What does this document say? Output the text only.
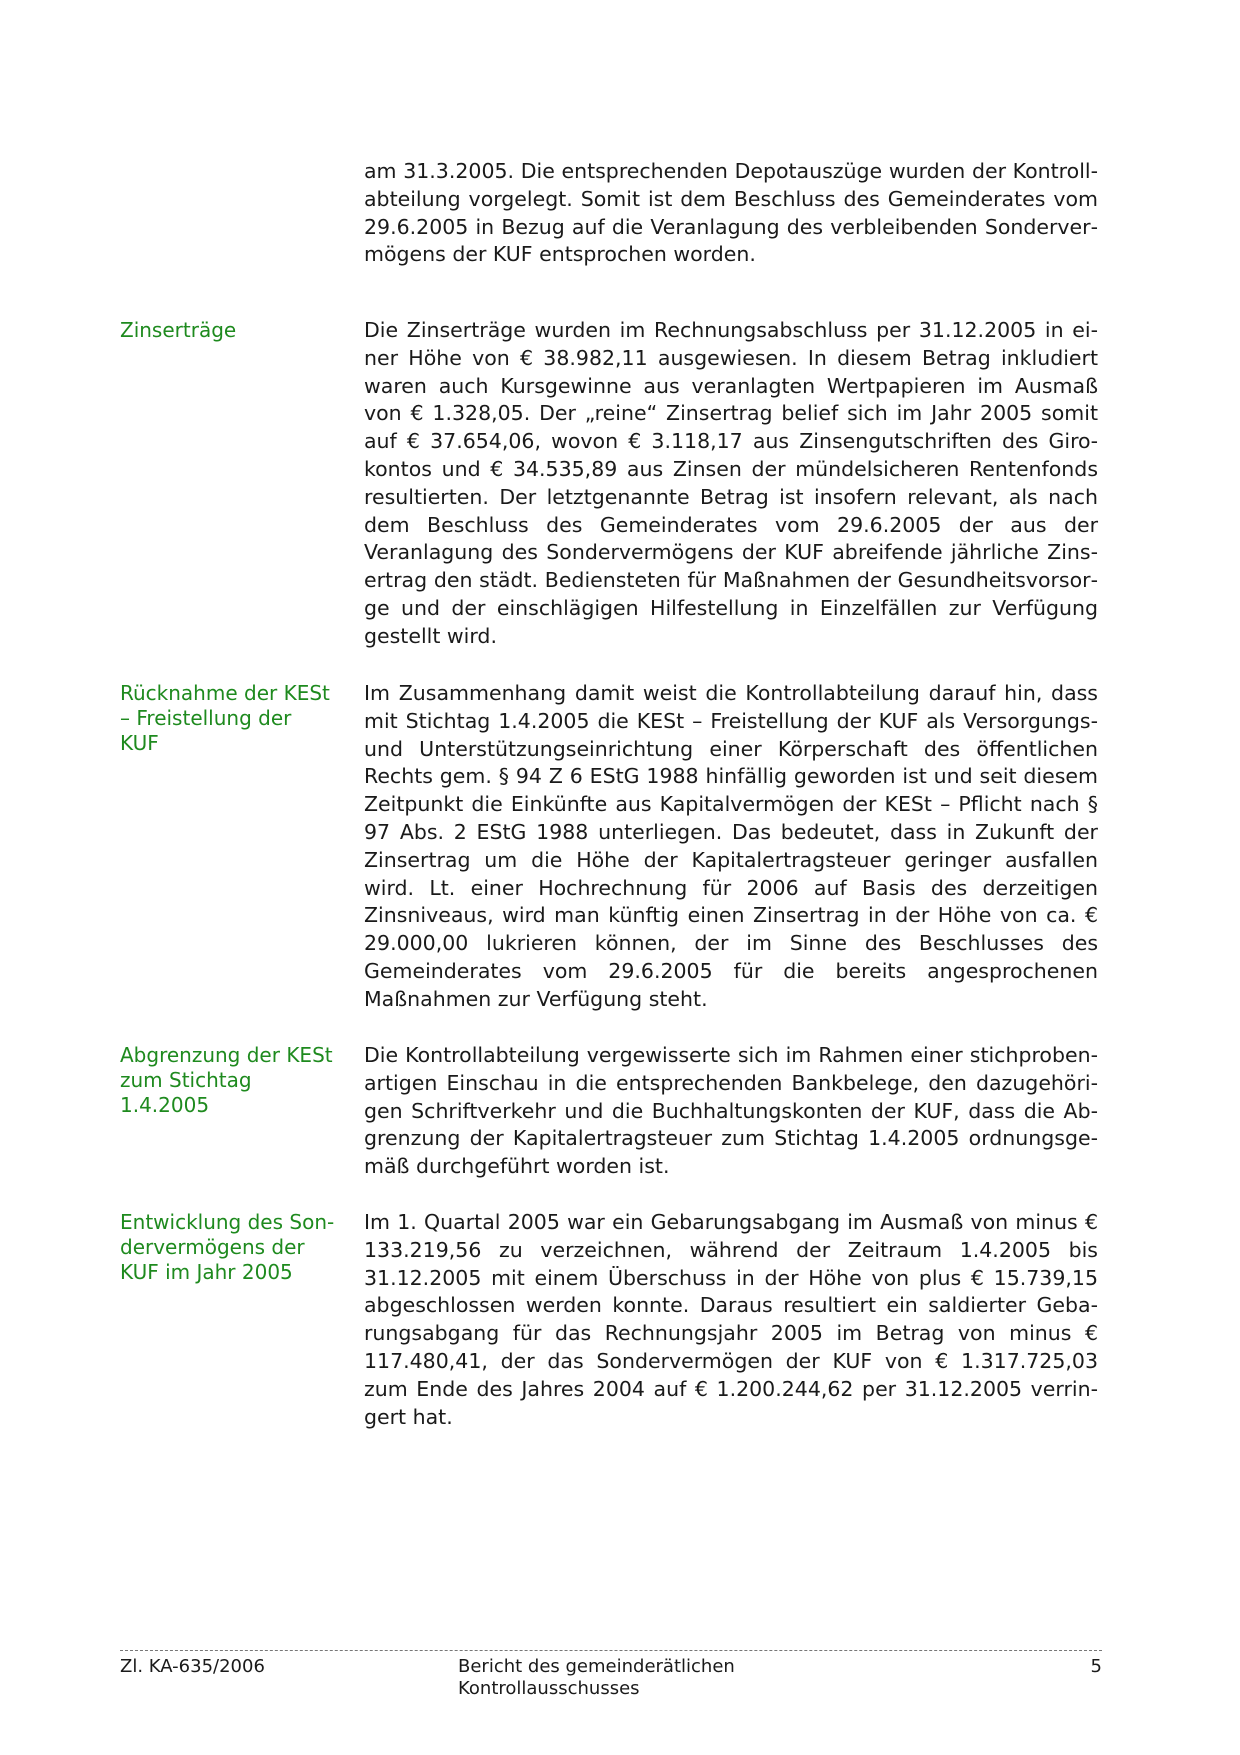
am 31.3.2005. Die entsprechenden Depotauszüge wurden der Kontrollabteilung vorgelegt. Somit ist dem Beschluss des Gemeinderates vom 29.6.2005 in Bezug auf die Veranlagung des verbleibenden Sondervermögens der KUF entsprochen worden.
Zinserträge	Die Zinserträge wurden im Rechnungsabschluss per 31.12.2005 in einer Höhe von € 38.982,11 ausgewiesen. In diesem Betrag inkludiert waren auch Kursgewinne aus veranlagten Wertpapieren im Ausmaß von € 1.328,05. Der „reine“ Zinsertrag belief sich im Jahr 2005 somit auf € 37.654,06, wovon € 3.118,17 aus Zinsengutschriften des Girokontos und € 34.535,89 aus Zinsen der mündelsicheren Rentenfonds resultierten. Der letztgenannte Betrag ist insofern relevant, als nach dem Beschluss des Gemeinderates vom 29.6.2005 der aus der Veranlagung des Sondervermögens der KUF abreifende jährliche Zinsertrag den städt. Bediensteten für Maßnahmen der Gesundheitsvorsorge und der einschlägigen Hilfestellung in Einzelfällen zur Verfügung gestellt wird.
Rücknahme der KESt – Freistellung der KUF
Im Zusammenhang damit weist die Kontrollabteilung darauf hin, dass mit Stichtag 1.4.2005 die KESt – Freistellung der KUF als Versorgungs- und Unterstützungseinrichtung einer Körperschaft des öffentlichen Rechts gem. § 94 Z 6 EStG 1988 hinfällig geworden ist und seit diesem Zeitpunkt die Einkünfte aus Kapitalvermögen der KESt – Pflicht nach § 97 Abs. 2 EStG 1988 unterliegen. Das bedeutet, dass in Zukunft der Zinsertrag um die Höhe der Kapitalertragsteuer geringer ausfallen wird. Lt. einer Hochrechnung für 2006 auf Basis des derzeitigen Zinsniveaus, wird man künftig einen Zinsertrag in der Höhe von ca. € 29.000,00 lukrieren können, der im Sinne des Beschlusses des Gemeinderates vom 29.6.2005 für die bereits angesprochenen Maßnahmen zur Verfügung steht.
Abgrenzung der KESt zum Stichtag 1.4.2005
Die Kontrollabteilung vergewisserte sich im Rahmen einer stichprobenartigen Einschau in die entsprechenden Bankbelege, den dazugehörigen Schriftverkehr und die Buchhaltungskonten der KUF, dass die Abgrenzung der Kapitalertragsteuer zum Stichtag 1.4.2005 ordnungsgemäß durchgeführt worden ist.
Entwicklung des Sondervermögens der KUF im Jahr 2005
Im 1. Quartal 2005 war ein Gebarungsabgang im Ausmaß von minus € 133.219,56 zu verzeichnen, während der Zeitraum 1.4.2005 bis 31.12.2005 mit einem Überschuss in der Höhe von plus € 15.739,15 abgeschlossen werden konnte. Daraus resultiert ein saldierter Gebarungsabgang für das Rechnungsjahr 2005 im Betrag von minus € 117.480,41, der das Sondervermögen der KUF von € 1.317.725,03 zum Ende des Jahres 2004 auf € 1.200.244,62 per 31.12.2005 verringert hat.
Zl. KA-635/2006	Bericht des gemeinderätlichen Kontrollausschusses
5
